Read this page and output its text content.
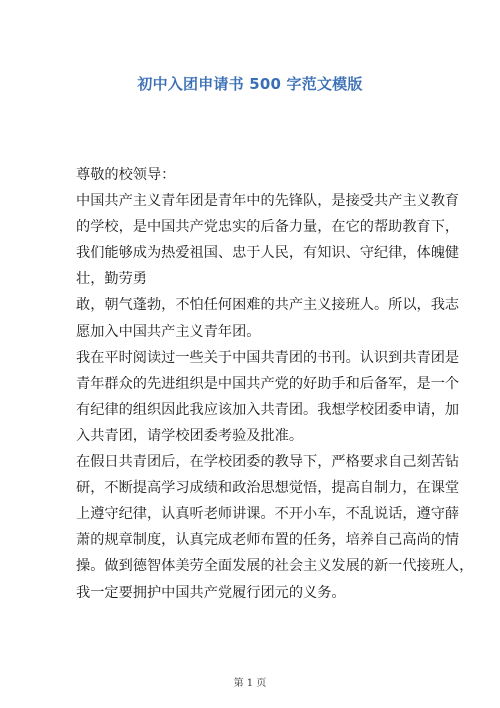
初中入团申请书 500 字范文模版

尊敬的校领导：

中国共产主义青年团是青年中的先锋队，是接受共产主义教育
的学校，是中国共产党忠实的后备力量，在它的帮助教育下，
我们能够成为热爱祖国、忠于人民，有知识、守纪律，体魄健
壮，勤劳勇

敢，朝气蓬勃，不怕任何困难的共产主义接班人。所以，我志
愿加入中国共产主义青年团。

我在平时阅读过一些关于中国共青团的书刊。认识到共青团是
青年群众的先进组织是中国共产党的好助手和后备军，是一个
有纪律的组织因此我应该加入共青团。我想学校团委申请，加
入共青团，请学校团委考验及批准。

在假日共青团后，在学校团委的教导下，严格要求自己刻苦钻
研，不断提高学习成绩和政治思想觉悟，提高自制力，在课堂
上遵守纪律，认真听老师讲课。不开小车，不乱说话，遵守薛
萧的规章制度，认真完成老师布置的任务，培养自己高尚的情
操。做到德智体美劳全面发展的社会主义发展的新一代接班人，
我一定要拥护中国共产党履行团元的义务。

第 1 页
